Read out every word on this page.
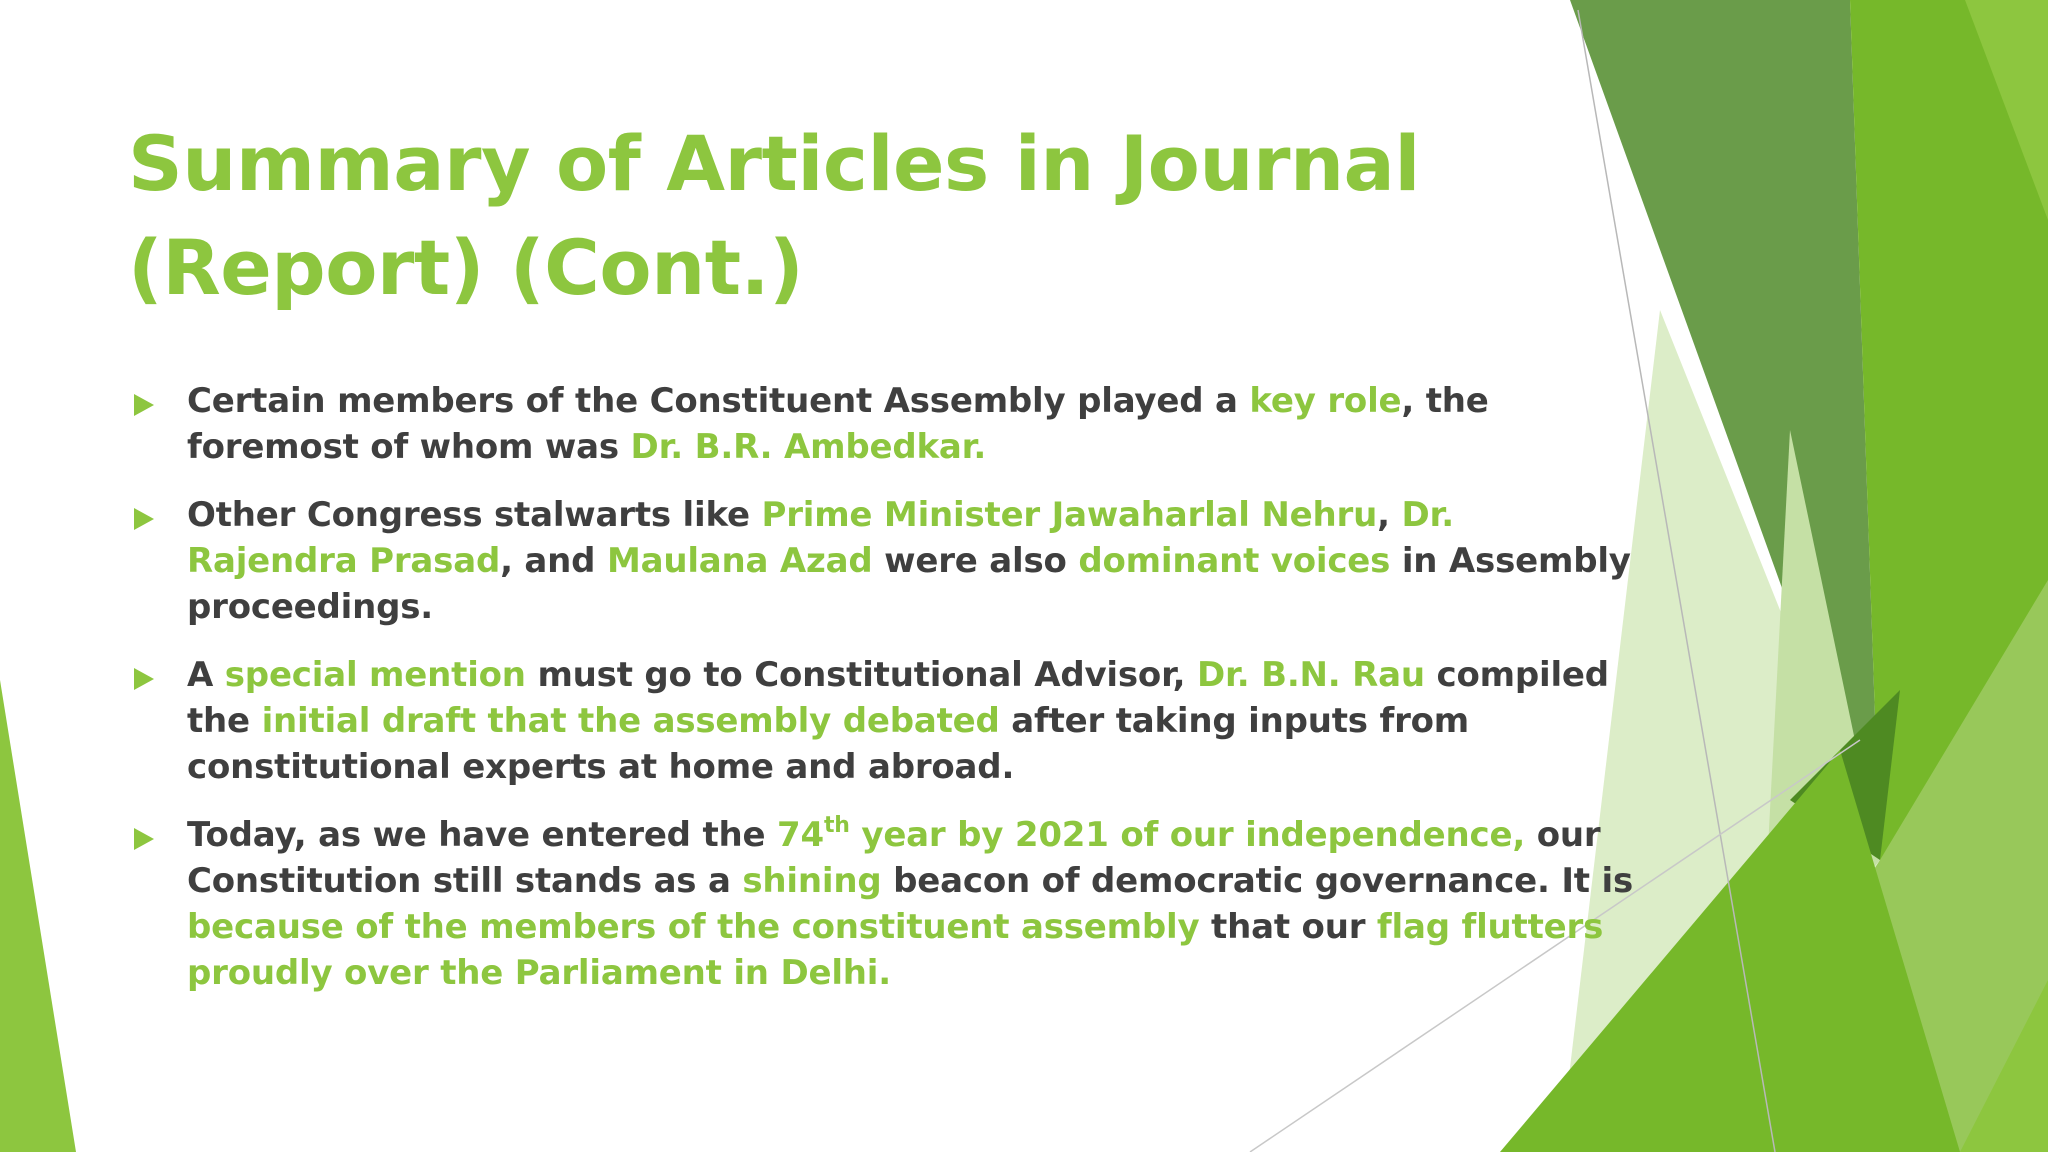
Summary of Articles in Journal
(Report) (Cont.)
Certain members of the Constituent Assembly played a key role, the
foremost of whom was Dr. B.R. Ambedkar.
Other Congress stalwarts like Prime Minister Jawaharlal Nehru, Dr.
Rajendra Prasad, and Maulana Azad were also dominant voices in Assembly
proceedings.
A special mention must go to Constitutional Advisor, Dr. B.N. Rau compiled
the initial draft that the assembly debated after taking inputs from
constitutional experts at home and abroad.
Today, as we have entered the 74th year by 2021 of our independence, our
Constitution still stands as a shining beacon of democratic governance. It is
because of the members of the constituent assembly that our flag flutters
proudly over the Parliament in Delhi.
